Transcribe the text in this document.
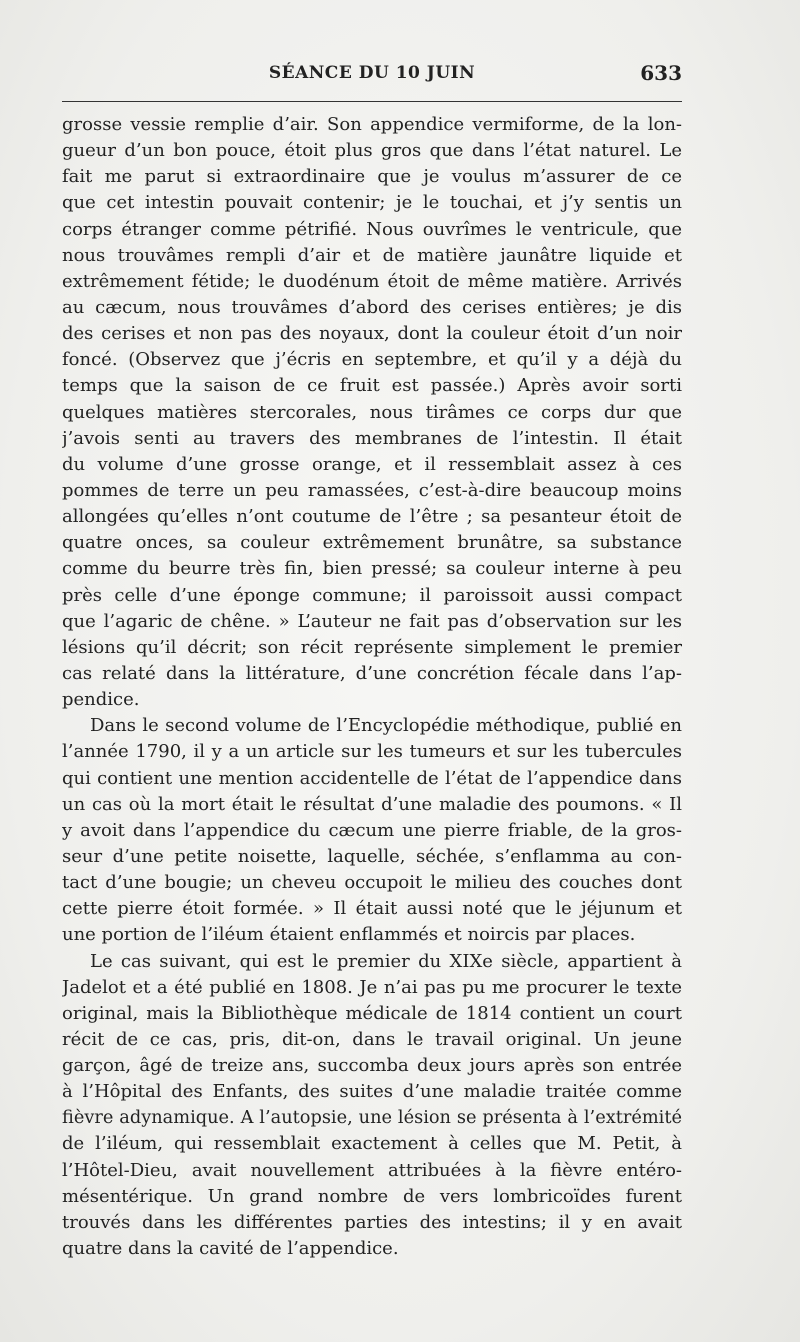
SÉANCE DU 10 JUIN	633
grosse vessie remplie d’air. Son appendice vermiforme, de la lon-
gueur d’un bon pouce, étoit plus gros que dans l’état naturel. Le
fait me parut si extraordinaire que je voulus m’assurer de ce
que cet intestin pouvait contenir; je le touchai, et j’y sentis un
corps étranger comme pétrifié. Nous ouvrîmes le ventricule, que
nous trouvâmes rempli d’air et de matière jaunâtre liquide et
extrêmement fétide; le duodénum étoit de même matière. Arrivés
au cæcum, nous trouvâmes d’abord des cerises entières; je dis
des cerises et non pas des noyaux, dont la couleur étoit d’un noir
foncé. (Observez que j’écris en septembre, et qu’il y a déjà du
temps que la saison de ce fruit est passée.) Après avoir sorti
quelques matières stercorales, nous tirâmes ce corps dur que
j’avois senti au travers des membranes de l’intestin. Il était
du volume d’une grosse orange, et il ressemblait assez à ces
pommes de terre un peu ramassées, c’est-à-dire beaucoup moins
allongées qu’elles n’ont coutume de l’être ; sa pesanteur étoit de
quatre onces, sa couleur extrêmement brunâtre, sa substance
comme du beurre très fin, bien pressé; sa couleur interne à peu
près celle d’une éponge commune; il paroissoit aussi compact
que l’agaric de chêne. » L’auteur ne fait pas d’observation sur les
lésions qu’il décrit; son récit représente simplement le premier
cas relaté dans la littérature, d’une concrétion fécale dans l’ap-
pendice.
Dans le second volume de l’Encyclopédie méthodique, publié en
l’année 1790, il y a un article sur les tumeurs et sur les tubercules
qui contient une mention accidentelle de l’état de l’appendice dans
un cas où la mort était le résultat d’une maladie des poumons. « Il
y avoit dans l’appendice du cæcum une pierre friable, de la gros-
seur d’une petite noisette, laquelle, séchée, s’enflamma au con-
tact d’une bougie; un cheveu occupoit le milieu des couches dont
cette pierre étoit formée. » Il était aussi noté que le jéjunum et
une portion de l’iléum étaient enflammés et noircis par places.
Le cas suivant, qui est le premier du XIXe siècle, appartient à
Jadelot et a été publié en 1808. Je n’ai pas pu me procurer le texte
original, mais la Bibliothèque médicale de 1814 contient un court
récit de ce cas, pris, dit-on, dans le travail original. Un jeune
garçon, âgé de treize ans, succomba deux jours après son entrée
à l’Hôpital des Enfants, des suites d’une maladie traitée comme
fièvre adynamique. A l’autopsie, une lésion se présenta à l’extrémité
de l’iléum, qui ressemblait exactement à celles que M. Petit, à
l’Hôtel-Dieu, avait nouvellement attribuées à la fièvre entéro-
mésentérique. Un grand nombre de vers lombricoïdes furent
trouvés dans les différentes parties des intestins; il y en avait
quatre dans la cavité de l’appendice.
